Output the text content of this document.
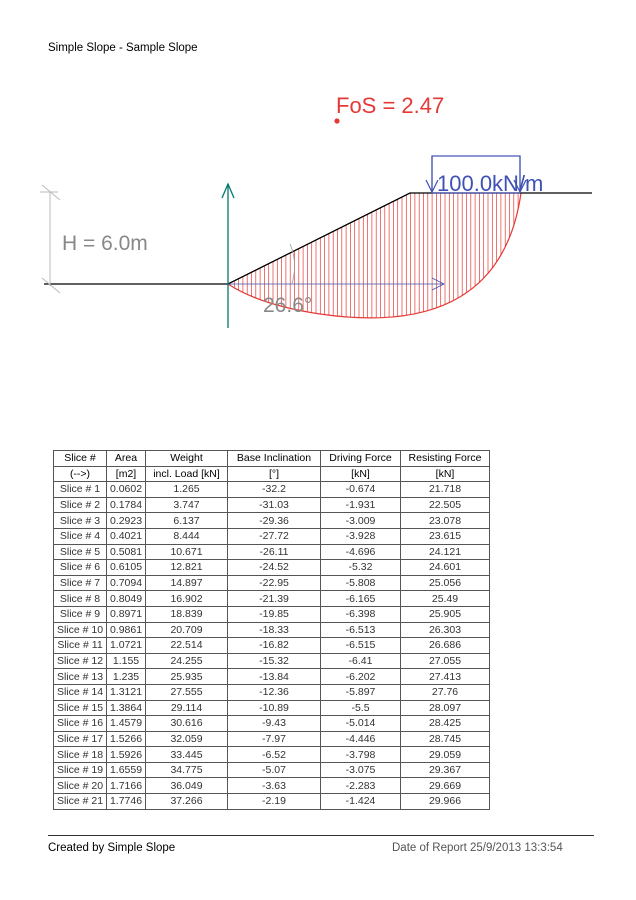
Simple Slope - Sample Slope
FoS = 2.47
100.0kN/m
H = 6.0m
26.6°
Slice #	Area	Weight	Base Inclination	Driving Force	Resisting Force
(-->)	[m2]	incl. Load [kN]	[°]	[kN]	[kN]
Slice # 1	0.0602	1.265	-32.2	-0.674	21.718
Slice # 2	0.1784	3.747	-31.03	-1.931	22.505
Slice # 3	0.2923	6.137	-29.36	-3.009	23.078
Slice # 4	0.4021	8.444	-27.72	-3.928	23.615
Slice # 5	0.5081	10.671	-26.11	-4.696	24.121
Slice # 6	0.6105	12.821	-24.52	-5.32	24.601
Slice # 7	0.7094	14.897	-22.95	-5.808	25.056
Slice # 8	0.8049	16.902	-21.39	-6.165	25.49
Slice # 9	0.8971	18.839	-19.85	-6.398	25.905
Slice # 10	0.9861	20.709	-18.33	-6.513	26.303
Slice # 11	1.0721	22.514	-16.82	-6.515	26.686
Slice # 12	1.155	24.255	-15.32	-6.41	27.055
Slice # 13	1.235	25.935	-13.84	-6.202	27.413
Slice # 14	1.3121	27.555	-12.36	-5.897	27.76
Slice # 15	1.3864	29.114	-10.89	-5.5	28.097
Slice # 16	1.4579	30.616	-9.43	-5.014	28.425
Slice # 17	1.5266	32.059	-7.97	-4.446	28.745
Slice # 18	1.5926	33.445	-6.52	-3.798	29.059
Slice # 19	1.6559	34.775	-5.07	-3.075	29.367
Slice # 20	1.7166	36.049	-3.63	-2.283	29.669
Slice # 21	1.7746	37.266	-2.19	-1.424	29.966
Created by Simple Slope	Date of Report 25/9/2013 13:3:54
